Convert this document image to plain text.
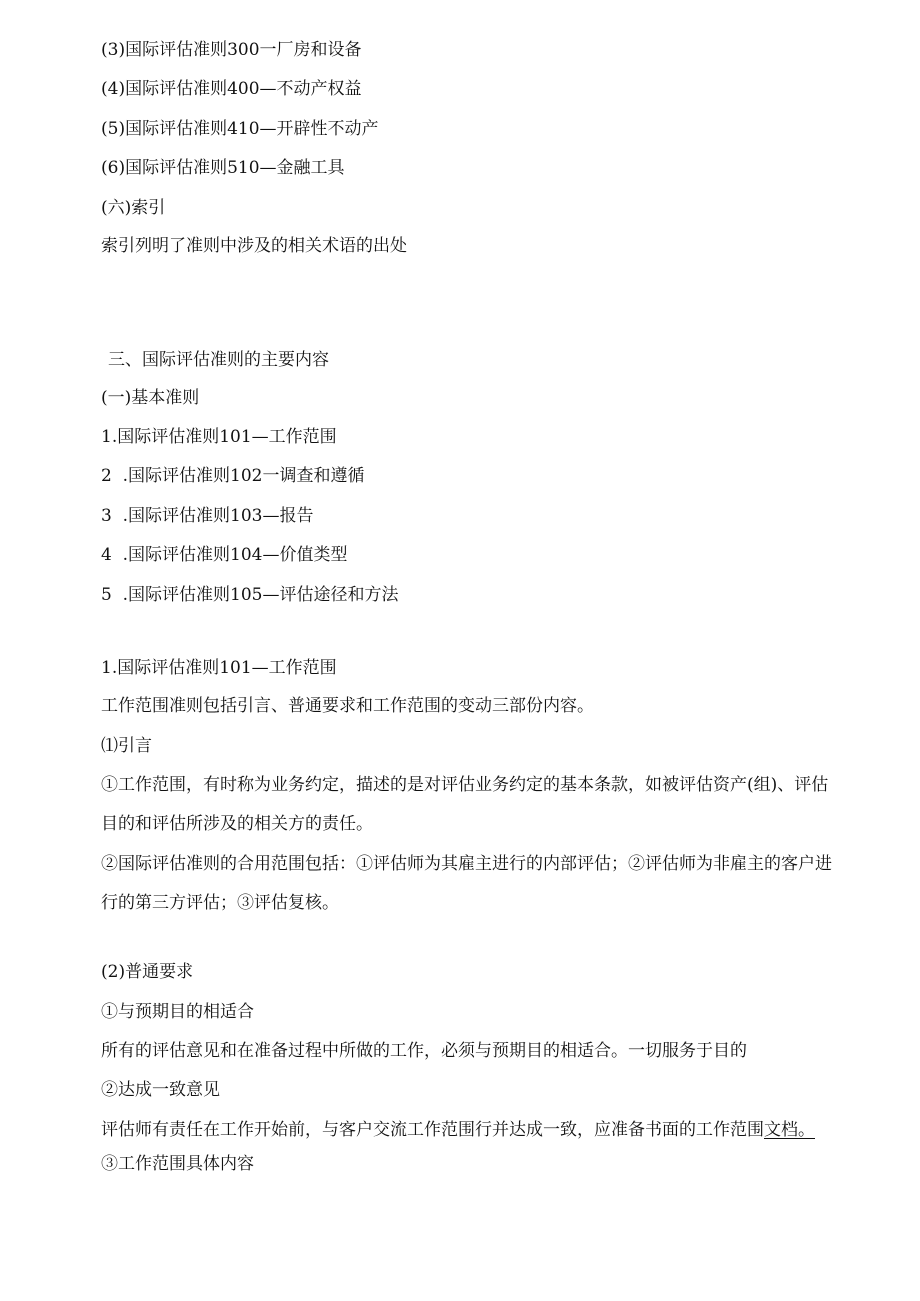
(3)国际评估准则300一厂房和设备
(4)国际评估准则400—不动产权益
(5)国际评估准则410—开辟性不动产
(6)国际评估准则510—金融工具
(六)索引
索引列明了准则中涉及的相关术语的出处
三、国际评估准则的主要内容
(一)基本准则
1.国际评估准则101—工作范围
2  .国际评估准则102一调查和遵循
3  .国际评估准则103—报告
4  .国际评估准则104—价值类型
5  .国际评估准则105—评估途径和方法
1.国际评估准则101—工作范围
工作范围准则包括引言、普通要求和工作范围的变动三部份内容。
⑴引言
①工作范围，有时称为业务约定，描述的是对评估业务约定的基本条款，如被评估资产(组)、评估目的和评估所涉及的相关方的责任。
②国际评估准则的合用范围包括：①评估师为其雇主进行的内部评估；②评估师为非雇主的客户进行的第三方评估；③评估复核。
(2)普通要求
①与预期目的相适合
所有的评估意见和在准备过程中所做的工作，必须与预期目的相适合。一切服务于目的
②达成一致意见
评估师有责任在工作开始前，与客户交流工作范围行并达成一致，应准备书面的工作范围文档。
③工作范围具体内容
